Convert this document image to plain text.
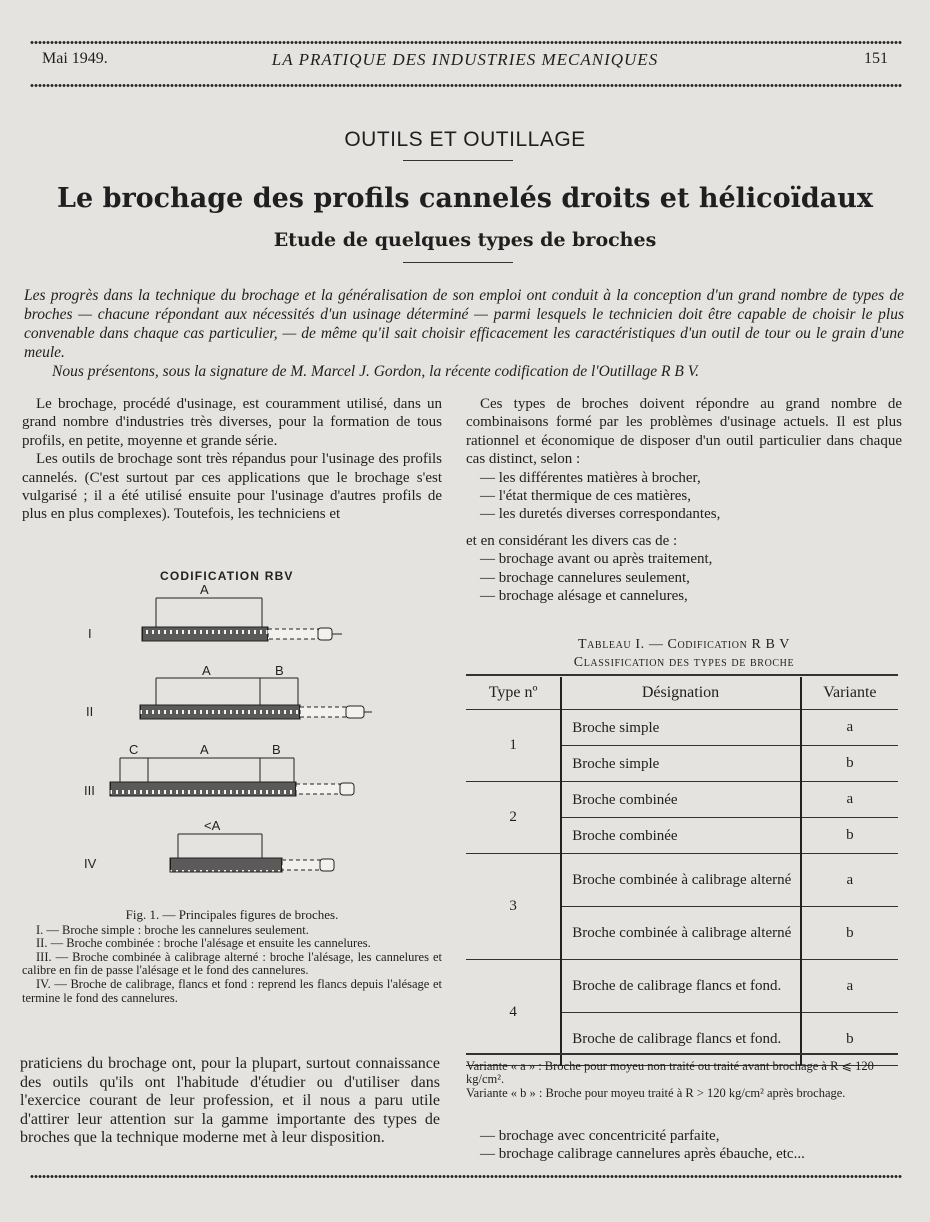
Mai 1949.	LA PRATIQUE DES INDUSTRIES MECANIQUES	151
OUTILS ET OUTILLAGE
Le brochage des profils cannelés droits et hélicoïdaux
Etude de quelques types de broches

Les progrès dans la technique du brochage et la généralisation de son emploi ont conduit à la conception d'un grand nombre de types de broches — chacune répondant aux nécessités d'un usinage déterminé — parmi lesquels le technicien doit être capable de choisir le plus convenable dans chaque cas particulier, — de même qu'il sait choisir efficacement les caractéristiques d'un outil de tour ou le grain d'une meule.

Nous présentons, sous la signature de M. Marcel J. Gordon, la récente codification de l'Outillage R B V.

Le brochage, procédé d'usinage, est couramment utilisé, dans un grand nombre d'industries très diverses, pour la formation de tous profils, en petite, moyenne et grande série.

Les outils de brochage sont très répandus pour l'usinage des profils cannelés. (C'est surtout par ces applications que le brochage s'est vulgarisé ; il a été utilisé ensuite pour l'usinage d'autres profils de plus en plus complexes). Toutefois, les techniciens et

CODIFICATION RBV
I
A
II
A	B
III
C	A	B
IV
<A

Fig. 1. — Principales figures de broches.

I. — Broche simple : broche les cannelures seulement.

II. — Broche combinée : broche l'alésage et ensuite les cannelures.

III. — Broche combinée à calibrage alterné : broche l'alésage, les cannelures et calibre en fin de passe l'alésage et le fond des cannelures.

IV. — Broche de calibrage, flancs et fond : reprend les flancs depuis l'alésage et termine le fond des cannelures.

praticiens du brochage ont, pour la plupart, surtout connaissance des outils qu'ils ont l'habitude d'étudier ou d'utiliser dans l'exercice courant de leur profession, et il nous a paru utile d'attirer leur attention sur la gamme importante des types de broches que la technique moderne met à leur disposition.

Ces types de broches doivent répondre au grand nombre de combinaisons formé par les problèmes d'usinage actuels. Il est plus rationnel et économique de disposer d'un outil particulier dans chaque cas distinct, selon :

— les différentes matières à brocher,

— l'état thermique de ces matières,

— les duretés diverses correspondantes,

et en considérant les divers cas de :

— brochage avant ou après traitement,

— brochage cannelures seulement,

— brochage alésage et cannelures,

Tableau I. — Codification R B V
Classification des types de broche
Type nº	Désignation	Variante
1	Broche simple	a
	Broche simple	b
2	Broche combinée	a
	Broche combinée	b
3	Broche combinée à calibrage alterné	a
	Broche combinée à calibrage alterné	b
4	Broche de calibrage flancs et fond.	a
	Broche de calibrage flancs et fond.	b

Variante « a » : Broche pour moyeu non traité ou traité avant brochage à R ⩽ 120 kg/cm².

Variante « b » : Broche pour moyeu traité à R > 120 kg/cm² après brochage.

— brochage avec concentricité parfaite,

— brochage calibrage cannelures après ébauche, etc...
